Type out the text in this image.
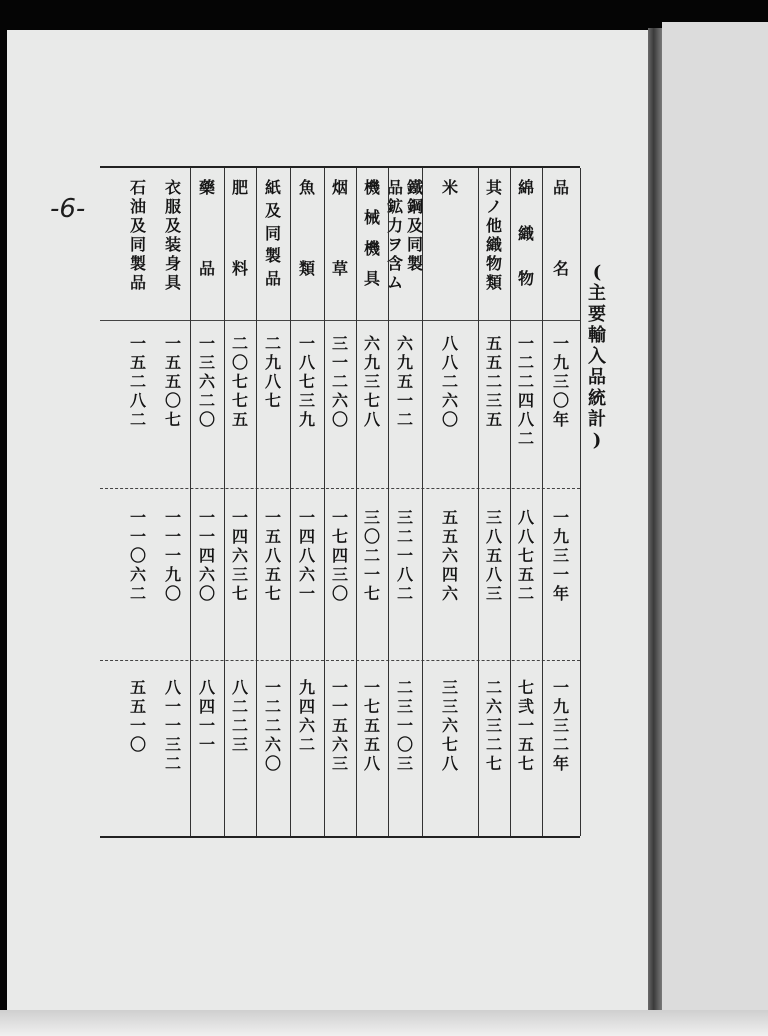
-6-
(
主
要
輸
入
品
統
計
)
品
名
一
九
三
〇
年
一
九
三
一
年
一
九
三
二
年
綿
織
物
一
二
二
四
八
二
八
八
七
五
二
七
弐
一
五
七
其
ノ
他
織
物
類
五
五
二
三
五
三
八
五
八
三
二
六
三
二
七
米
八
八
二
六
〇
五
五
六
四
六
三
三
六
七
八
鐵
鋼
及
同
製
品
鉱
力
ヲ
含
ム
六
九
五
一
二
三
二
一
八
二
二
三
一
〇
三
機
械
機
具
六
九
三
七
八
三
〇
二
一
七
一
七
五
五
八
烟
草
三
一
二
六
〇
一
七
四
三
〇
一
一
五
六
三
魚
類
一
八
七
三
九
一
四
八
六
一
九
四
六
二
紙
及
同
製
品
二
九
八
七
一
五
八
五
七
一
二
二
六
〇
肥
料
二
〇
七
七
五
一
四
六
三
七
八
二
二
三
藥
品
一
三
六
二
〇
一
一
四
六
〇
八
四
一
一
衣
服
及
装
身
具
一
五
五
〇
七
一
一
一
九
〇
八
一
一
三
二
石
油
及
同
製
品
一
五
二
八
二
一
一
〇
六
二
五
五
一
〇
